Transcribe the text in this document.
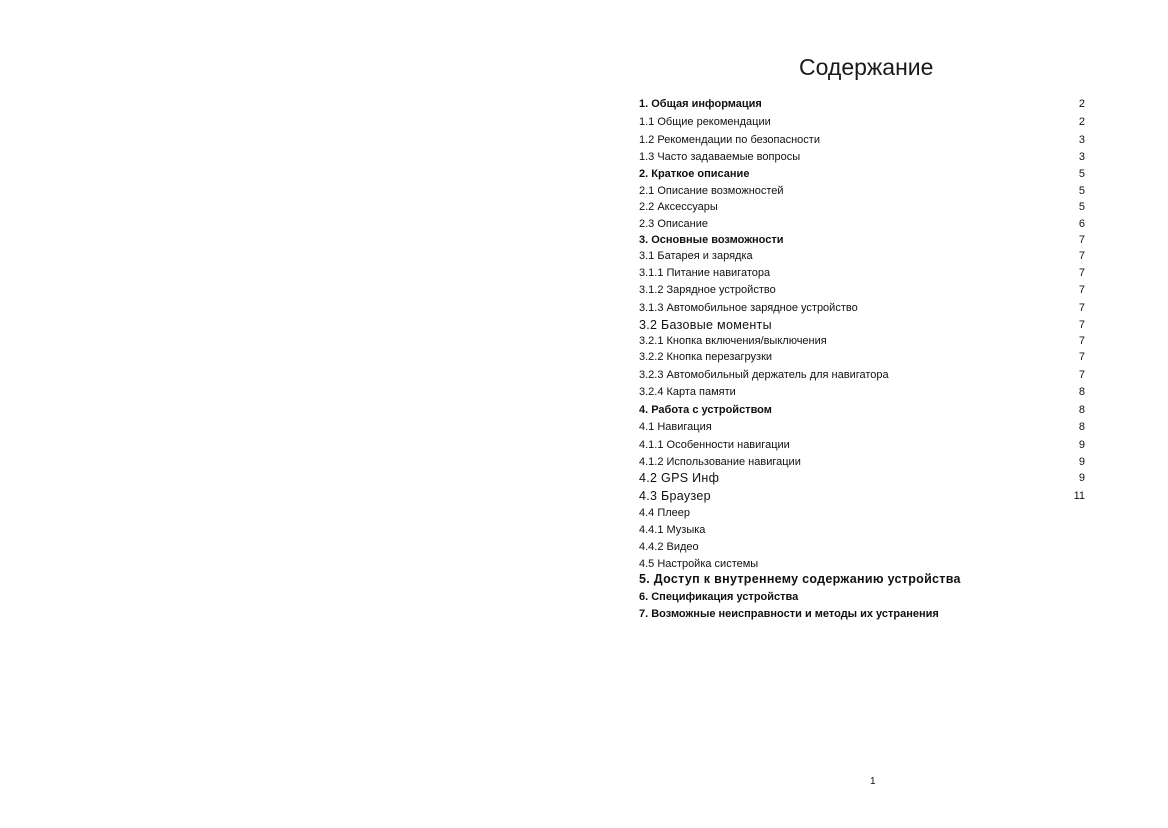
Содержание
1. Общая информация	2
1.1 Общие рекомендации	2
1.2 Рекомендации по безопасности	3
1.3 Часто задаваемые вопросы	3
2. Краткое описание	5
2.1 Описание возможностей	5
2.2 Аксессуары	5
2.3 Описание	6
3. Основные возможности	7
3.1 Батарея и зарядка	7
3.1.1 Питание навигатора	7
3.1.2 Зарядное устройство	7
3.1.3 Автомобильное зарядное устройство	7
3.2 Базовые моменты	7
3.2.1 Кнопка включения/выключения	7
3.2.2 Кнопка перезагрузки	7
3.2.3 Автомобильный держатель для навигатора	7
3.2.4 Карта памяти	8
4. Работа с устройством	8
4.1 Навигация	8
4.1.1 Особенности навигации	9
4.1.2 Использование навигации	9
4.2 GPS Инф	9
4.3 Браузер	11
4.4 Плеер
4.4.1 Музыка
4.4.2 Видео
4.5 Настройка системы
5. Доступ к внутреннему содержанию устройства
6. Спецификация устройства
7. Возможные неисправности и методы их устранения
1
